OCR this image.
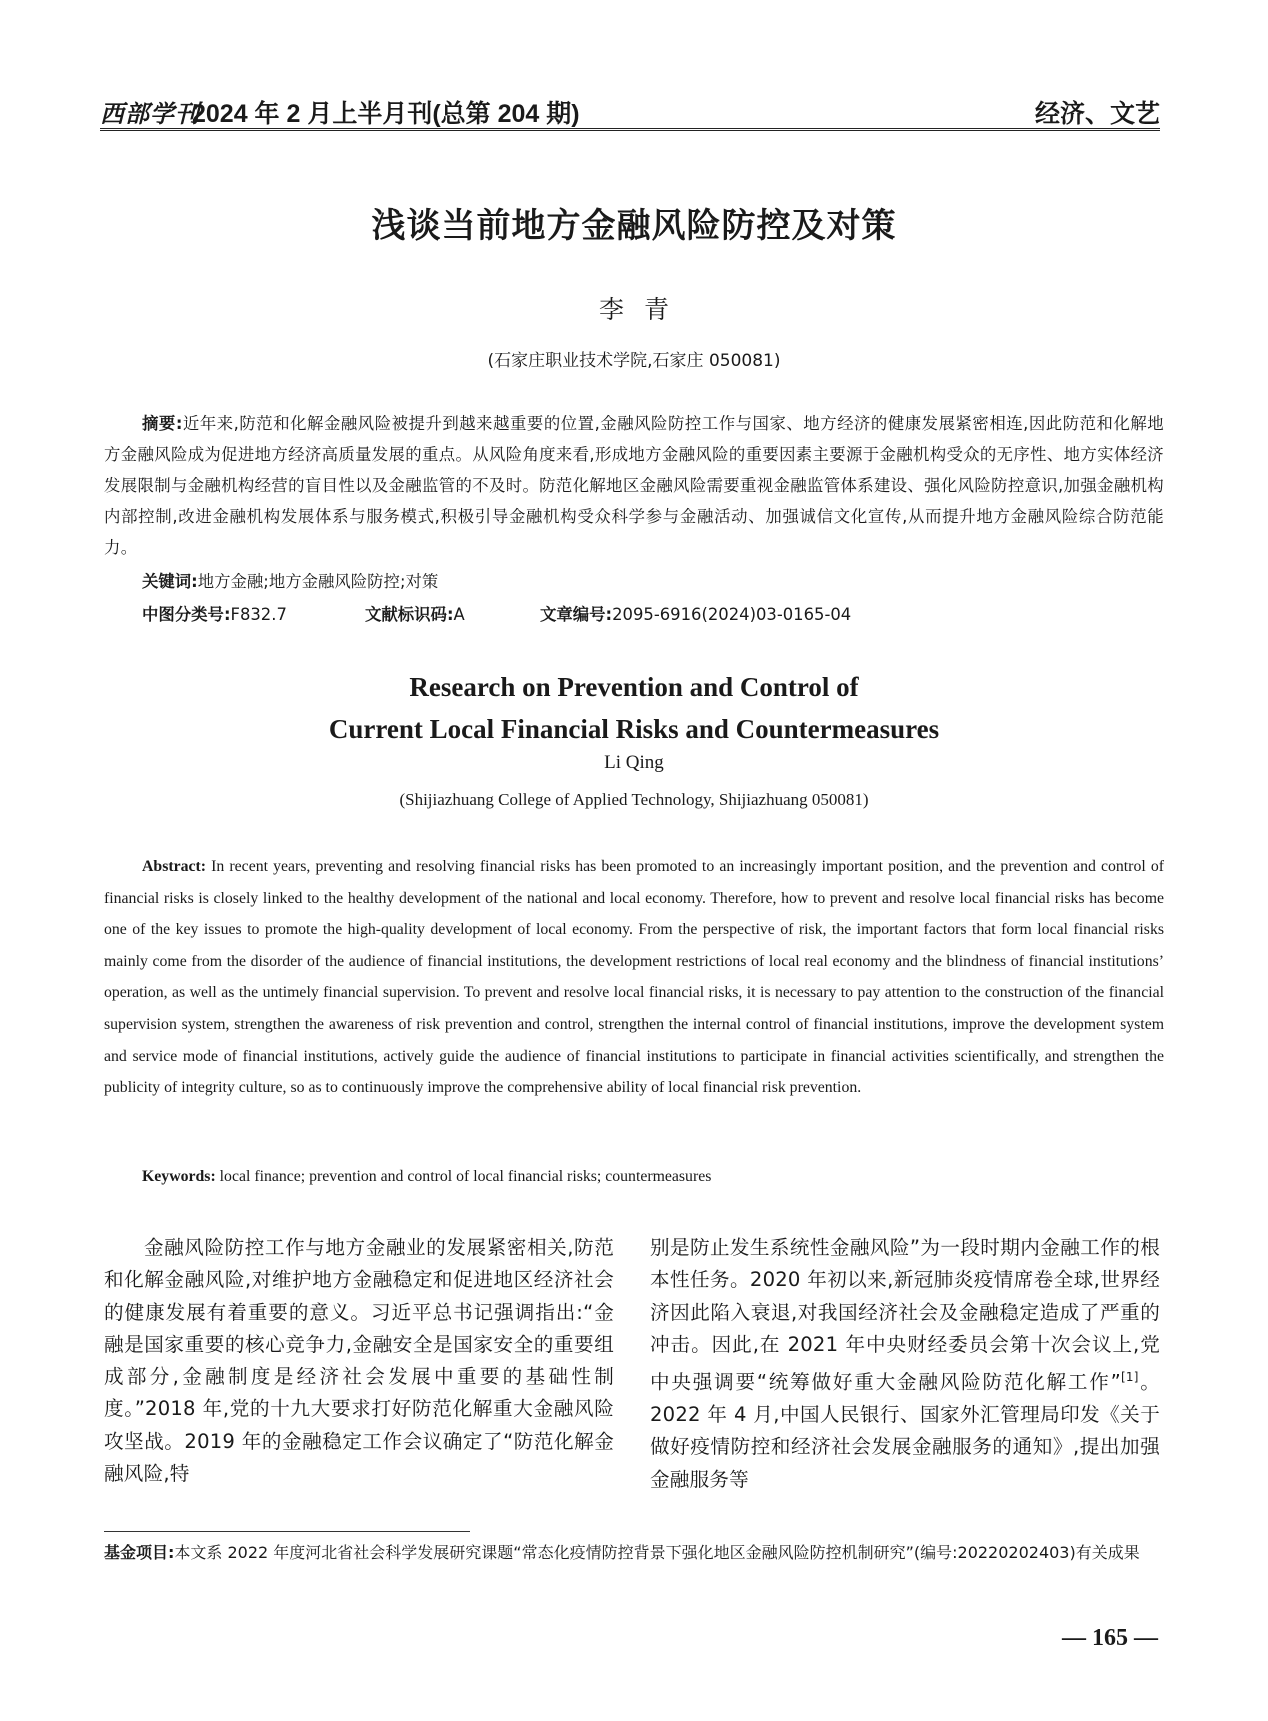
西部学刊
2024 年 2 月上半月刊(总第 204 期)	经济、文艺
浅谈当前地方金融风险防控及对策
李青
(石家庄职业技术学院,石家庄 050081)
摘要:近年来,防范和化解金融风险被提升到越来越重要的位置,金融风险防控工作与国家、地方经济的健康发展紧密相连,因此防范和化解地方金融风险成为促进地方经济高质量发展的重点。从风险角度来看,形成地方金融风险的重要因素主要源于金融机构受众的无序性、地方实体经济发展限制与金融机构经营的盲目性以及金融监管的不及时。防范化解地区金融风险需要重视金融监管体系建设、强化风险防控意识,加强金融机构内部控制,改进金融机构发展体系与服务模式,积极引导金融机构受众科学参与金融活动、加强诚信文化宣传,从而提升地方金融风险综合防范能力。
关键词:地方金融;地方金融风险防控;对策
中图分类号:F832.7	文献标识码:A	文章编号:2095-6916(2024)03-0165-04
Research on Prevention and Control of
Current Local Financial Risks and Countermeasures
Li Qing
(Shijiazhuang College of Applied Technology, Shijiazhuang 050081)
Abstract: In recent years, preventing and resolving financial risks has been promoted to an increasingly important position, and the prevention and control of financial risks is closely linked to the healthy development of the national and local economy. Therefore, how to prevent and resolve local financial risks has become one of the key issues to promote the high-quality development of local economy. From the perspective of risk, the important factors that form local financial risks mainly come from the disorder of the audience of financial institutions, the development restrictions of local real economy and the blindness of financial institutions’ operation, as well as the untimely financial supervision. To prevent and resolve local financial risks, it is necessary to pay attention to the construction of the financial supervision system, strengthen the awareness of risk prevention and control, strengthen the internal control of financial institutions, improve the development system and service mode of financial institutions, actively guide the audience of financial institutions to participate in financial activities scientifically, and strengthen the publicity of integrity culture, so as to continuously improve the comprehensive ability of local financial risk prevention.
Keywords: local finance; prevention and control of local financial risks; countermeasures
金融风险防控工作与地方金融业的发展紧密相关,防范和化解金融风险,对维护地方金融稳定和促进地区经济社会的健康发展有着重要的意义。习近平总书记强调指出:“金融是国家重要的核心竞争力,金融安全是国家安全的重要组成部分,金融制度是经济社会发展中重要的基础性制度。”2018 年,党的十九大要求打好防范化解重大金融风险攻坚战。2019 年的金融稳定工作会议确定了“防范化解金融风险,特
别是防止发生系统性金融风险”为一段时期内金融工作的根本性任务。2020 年初以来,新冠肺炎疫情席卷全球,世界经济因此陷入衰退,对我国经济社会及金融稳定造成了严重的冲击。因此,在 2021 年中央财经委员会第十次会议上,党中央强调要“统筹做好重大金融风险防范化解工作”[1]。2022 年 4 月,中国人民银行、国家外汇管理局印发《关于做好疫情防控和经济社会发展金融服务的通知》,提出加强金融服务等
基金项目:本文系 2022 年度河北省社会科学发展研究课题“常态化疫情防控背景下强化地区金融风险防控机制研究”(编号:20220202403)有关成果
— 165 —
